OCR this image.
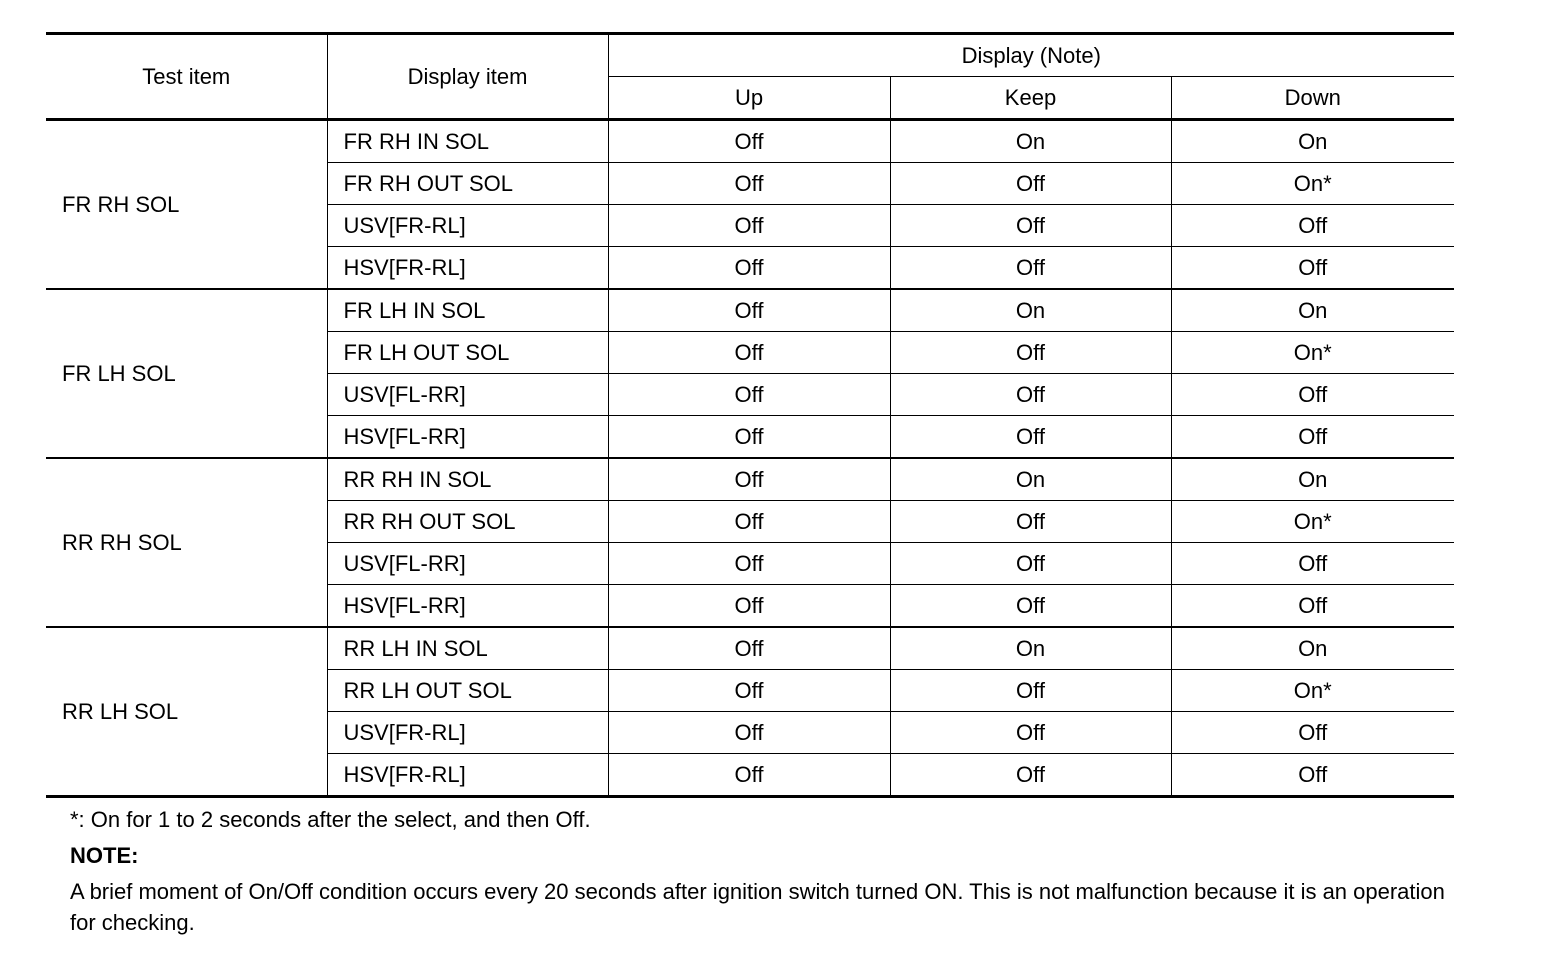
Test item	Display item	Display (Note)		
		Up	Keep	Down
FR RH SOL	FR RH IN SOL	Off	On	On
	FR RH OUT SOL	Off	Off	On*
	USV[FR-RL]	Off	Off	Off
	HSV[FR-RL]	Off	Off	Off
FR LH SOL	FR LH IN SOL	Off	On	On
	FR LH OUT SOL	Off	Off	On*
	USV[FL-RR]	Off	Off	Off
	HSV[FL-RR]	Off	Off	Off
RR RH SOL	RR RH IN SOL	Off	On	On
	RR RH OUT SOL	Off	Off	On*
	USV[FL-RR]	Off	Off	Off
	HSV[FL-RR]	Off	Off	Off
RR LH SOL	RR LH IN SOL	Off	On	On
	RR LH OUT SOL	Off	Off	On*
	USV[FR-RL]	Off	Off	Off
	HSV[FR-RL]	Off	Off	Off

*: On for 1 to 2 seconds after the select, and then Off.

NOTE:

A brief moment of On/Off condition occurs every 20 seconds after ignition switch turned ON. This is not malfunction because it is an operation for checking.
